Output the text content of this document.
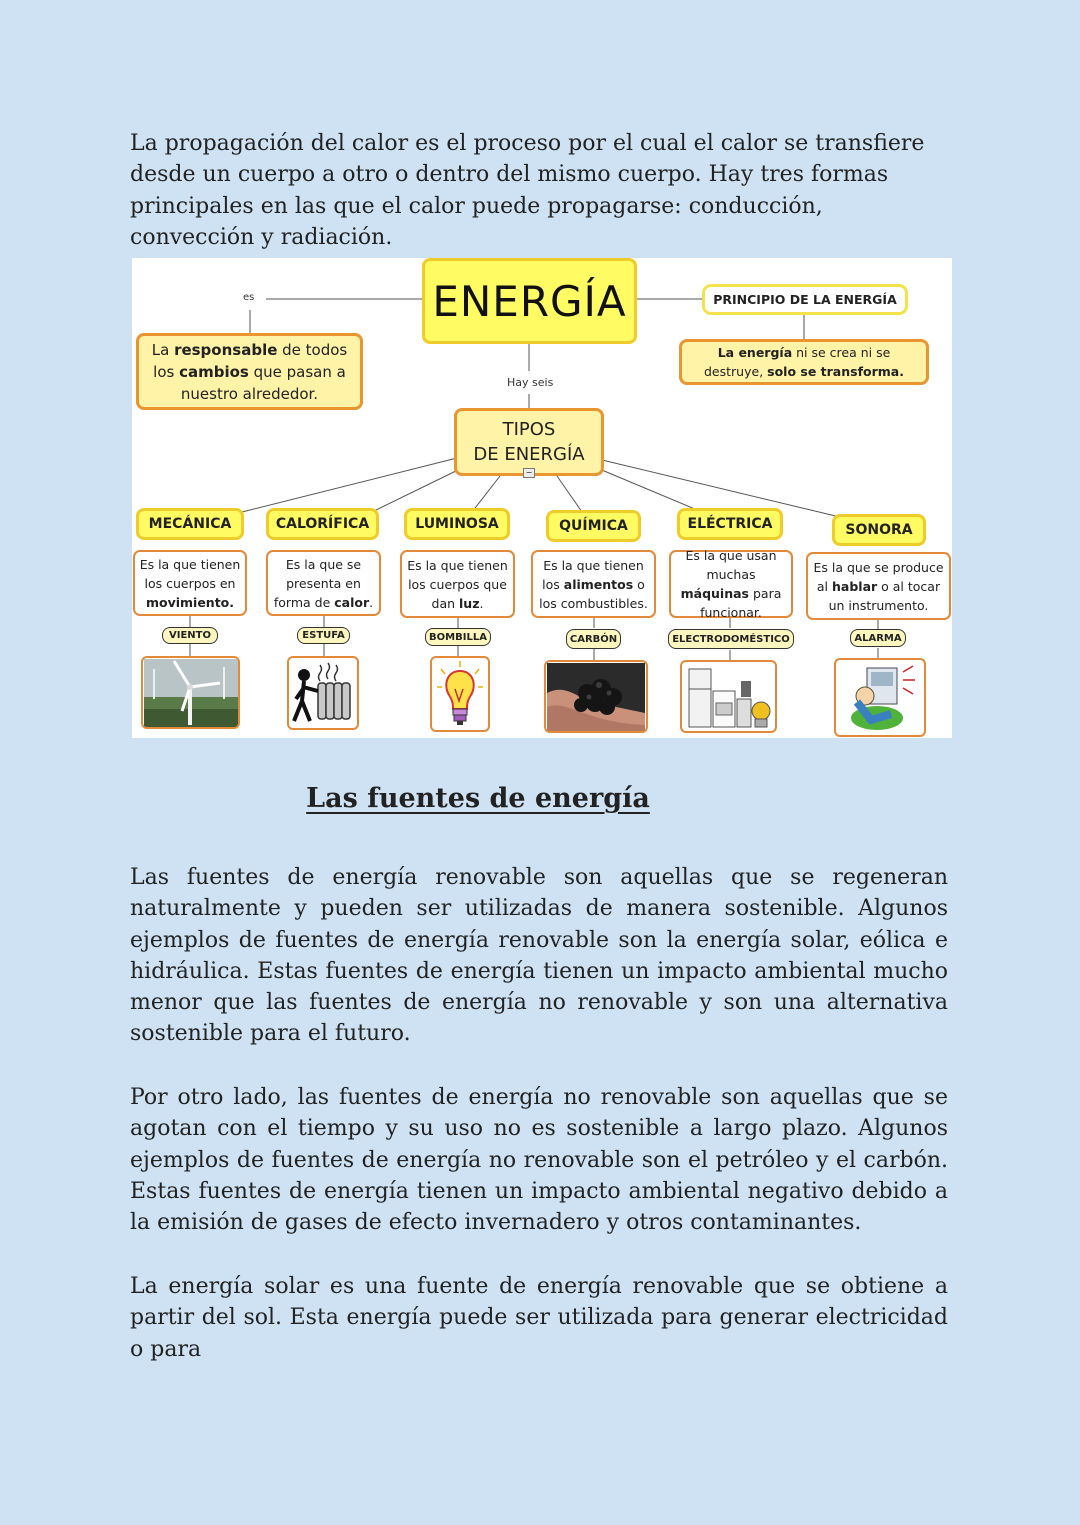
La propagación del calor es el proceso por el cual el calor se transfiere desde un cuerpo a otro o dentro del mismo cuerpo. Hay tres formas principales en las que el calor puede propagarse: conducción, convección y radiación.

es
Hay seis
ENERGÍA
La responsable de todos los cambios que pasan a nuestro alrededor.
PRINCIPIO DE LA ENERGÍA
La energía ni se crea ni se destruye, solo se transforma.
TIPOS
DE ENERGÍA
−
MECÁNICA	CALORÍFICA	LUMINOSA	QUÍMICA	ELÉCTRICA	SONORA
Es la que tienen los cuerpos en movimiento.
Es la que se presenta en forma de calor.
Es la que tienen los cuerpos que dan luz.
Es la que tienen los alimentos o los combustibles.
Es la que usan muchas máquinas para funcionar.
Es la que se produce al hablar o al tocar un instrumento.
VIENTO	ESTUFA	BOMBILLA	CARBÓN	ELECTRODOMÉSTICO	ALARMA
Las fuentes de energía

Las fuentes de energía renovable son aquellas que se regeneran naturalmente y pueden ser utilizadas de manera sostenible. Algunos ejemplos de fuentes de energía renovable son la energía solar, eólica e hidráulica. Estas fuentes de energía tienen un impacto ambiental mucho menor que las fuentes de energía no renovable y son una alternativa sostenible para el futuro.

Por otro lado, las fuentes de energía no renovable son aquellas que se agotan con el tiempo y su uso no es sostenible a largo plazo. Algunos ejemplos de fuentes de energía no renovable son el petróleo y el carbón. Estas fuentes de energía tienen un impacto ambiental negativo debido a la emisión de gases de efecto invernadero y otros contaminantes.

La energía solar es una fuente de energía renovable que se obtiene a partir del sol. Esta energía puede ser utilizada para generar electricidad o para
